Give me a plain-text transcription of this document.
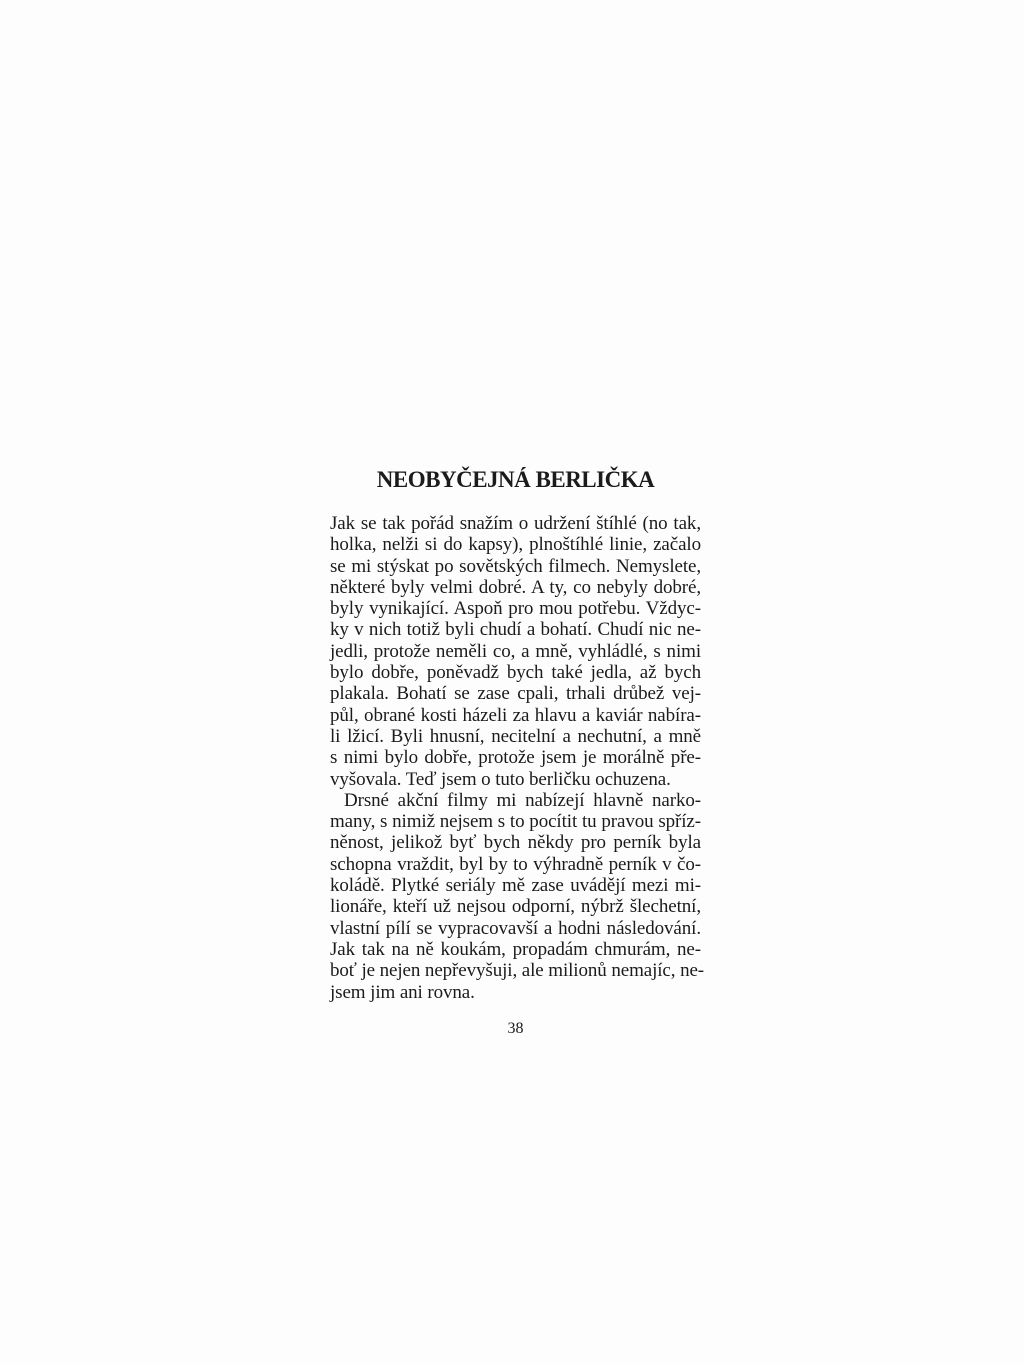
NEOBYČEJNÁ BERLIČKA
Jak se tak pořád snažím o udržení štíhlé (no tak,
holka, nelži si do kapsy), plnoštíhlé linie, začalo
se mi stýskat po sovětských filmech. Nemyslete,
některé byly velmi dobré. A ty, co nebyly dobré,
byly vynikající. Aspoň pro mou potřebu. Vždyc-
ky v nich totiž byli chudí a bohatí. Chudí nic ne-
jedli, protože neměli co, a mně, vyhládlé, s nimi
bylo dobře, poněvadž bych také jedla, až bych
plakala. Bohatí se zase cpali, trhali drůbež vej-
půl, obrané kosti házeli za hlavu a kaviár nabíra-
li lžicí. Byli hnusní, necitelní a nechutní, a mně
s nimi bylo dobře, protože jsem je morálně pře-
vyšovala. Teď jsem o tuto berličku ochuzena.
Drsné akční filmy mi nabízejí hlavně narko-
many, s nimiž nejsem s to pocítit tu pravou spříz-
něnost, jelikož byť bych někdy pro perník byla
schopna vraždit, byl by to výhradně perník v čo-
koládě. Plytké seriály mě zase uvádějí mezi mi-
lionáře, kteří už nejsou odporní, nýbrž šlechetní,
vlastní pílí se vypracovavší a hodni následování.
Jak tak na ně koukám, propadám chmurám, ne-
boť je nejen nepřevyšuji, ale milionů nemajíc, ne-
jsem jim ani rovna.
38
